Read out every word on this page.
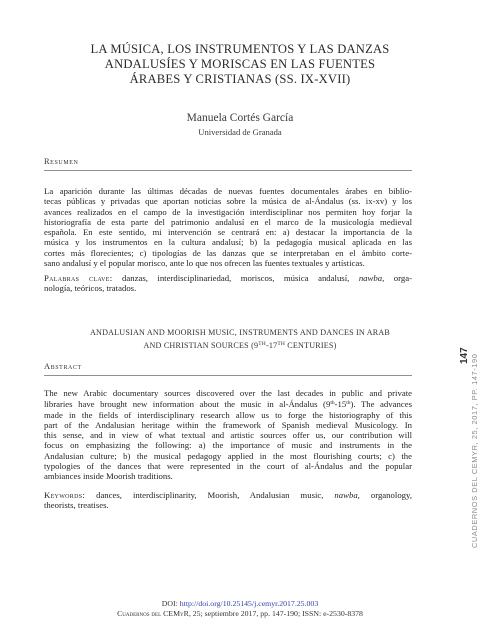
LA MÚSICA, LOS INSTRUMENTOS Y LAS DANZAS
ANDALUSÍES Y MORISCAS EN LAS FUENTES
ÁRABES Y CRISTIANAS (SS. IX-XVII)
Manuela Cortés García
Universidad de Granada
Resumen
La aparición durante las últimas décadas de nuevas fuentes documentales árabes en biblio-
tecas públicas y privadas que aportan noticias sobre la música de al-Ándalus (ss. ix-xv) y los
avances realizados en el campo de la investigación interdisciplinar nos permiten hoy forjar la
historiografía de esta parte del patrimonio andalusí en el marco de la musicología medieval
española. En este sentido, mi intervención se centrará en: a) destacar la importancia de la
música y los instrumentos en la cultura andalusí; b) la pedagogía musical aplicada en las
cortes más florecientes; c) tipologías de las danzas que se interpretaban en el ámbito corte-
sano andalusí y el popular morisco, ante lo que nos ofrecen las fuentes textuales y artísticas.
Palabras clave: danzas, interdisciplinariedad, moriscos, música andalusí, nawba, orga-
nología, teóricos, tratados.
ANDALUSIAN AND MOORISH MUSIC, INSTRUMENTS AND DANCES IN ARAB
AND CHRISTIAN SOURCES (9TH-17TH CENTURIES)
Abstract
The new Arabic documentary sources discovered over the last decades in public and private
libraries have brought new information about the music in al-Ándalus (9th-15th). The advances
made in the fields of interdisciplinary research allow us to forge the historiography of this
part of the Andalusian heritage within the framework of Spanish medieval Musicology. In
this sense, and in view of what textual and artistic sources offer us, our contribution will
focus on emphasizing the following: a) the importance of music and instruments in the
Andalusian culture; b) the musical pedagogy applied in the most flourishing courts; c) the
typologies of the dances that were represented in the court of al-Ándalus and the popular
ambiances inside Moorish traditions.
Keywords: dances, interdisciplinarity, Moorish, Andalusian music, nawba, organology,
theorists, treatises.
147 CUADERNOS DEL CEMYR, 25, 2017, PP. 147-190
DOI: http://doi.org/10.25145/j.cemyr.2017.25.003
Cuadernos del CEMyR, 25; septiembre 2017, pp. 147-190; ISSN: e-2530-8378
